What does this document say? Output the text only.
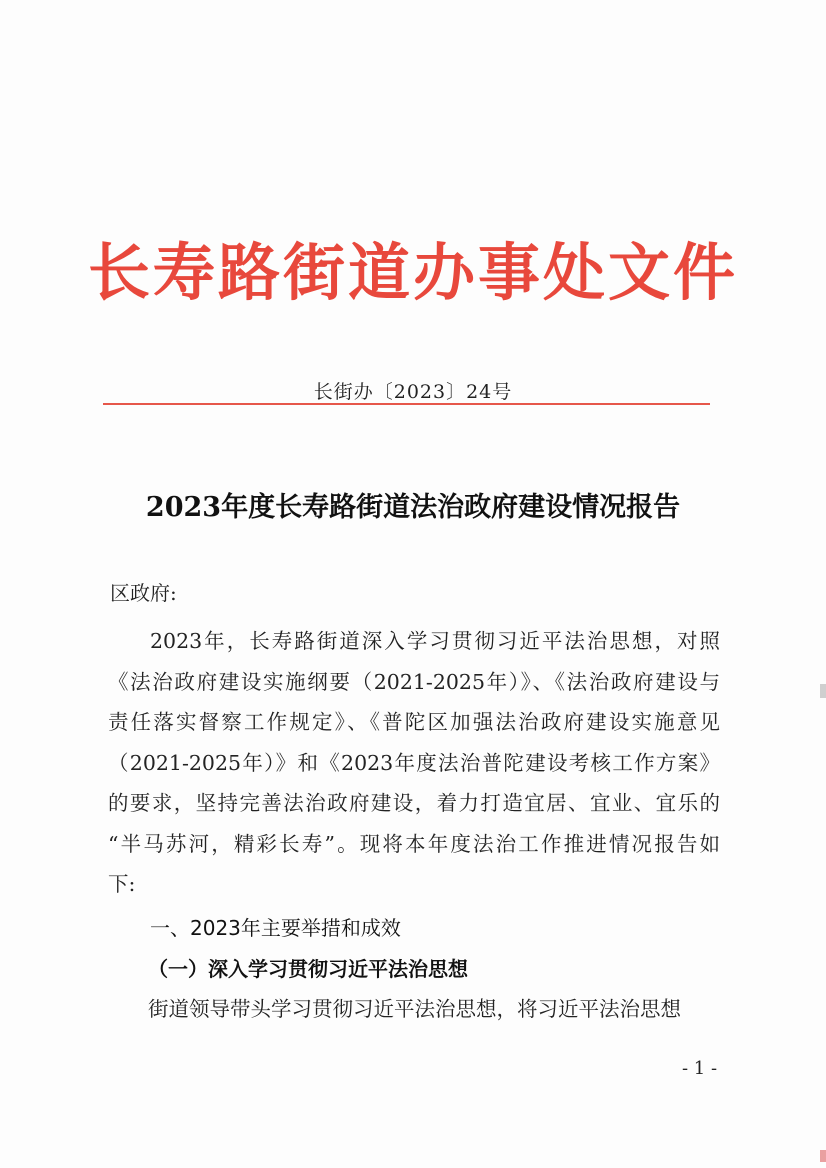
长寿路街道办事处文件
长街办〔2023〕24号
2023年度长寿路街道法治政府建设情况报告
区政府:
2023年，长寿路街道深入学习贯彻习近平法治思想，对照
《法治政府建设实施纲要（2021-2025年）》、《法治政府建设与
责任落实督察工作规定》、《普陀区加强法治政府建设实施意见
（2021-2025年）》和《2023年度法治普陀建设考核工作方案》
的要求，坚持完善法治政府建设，着力打造宜居、宜业、宜乐的
“半马苏河，精彩长寿”。现将本年度法治工作推进情况报告如
下:
一、2023年主要举措和成效
（一）深入学习贯彻习近平法治思想
街道领导带头学习贯彻习近平法治思想，将习近平法治思想
- 1 -
